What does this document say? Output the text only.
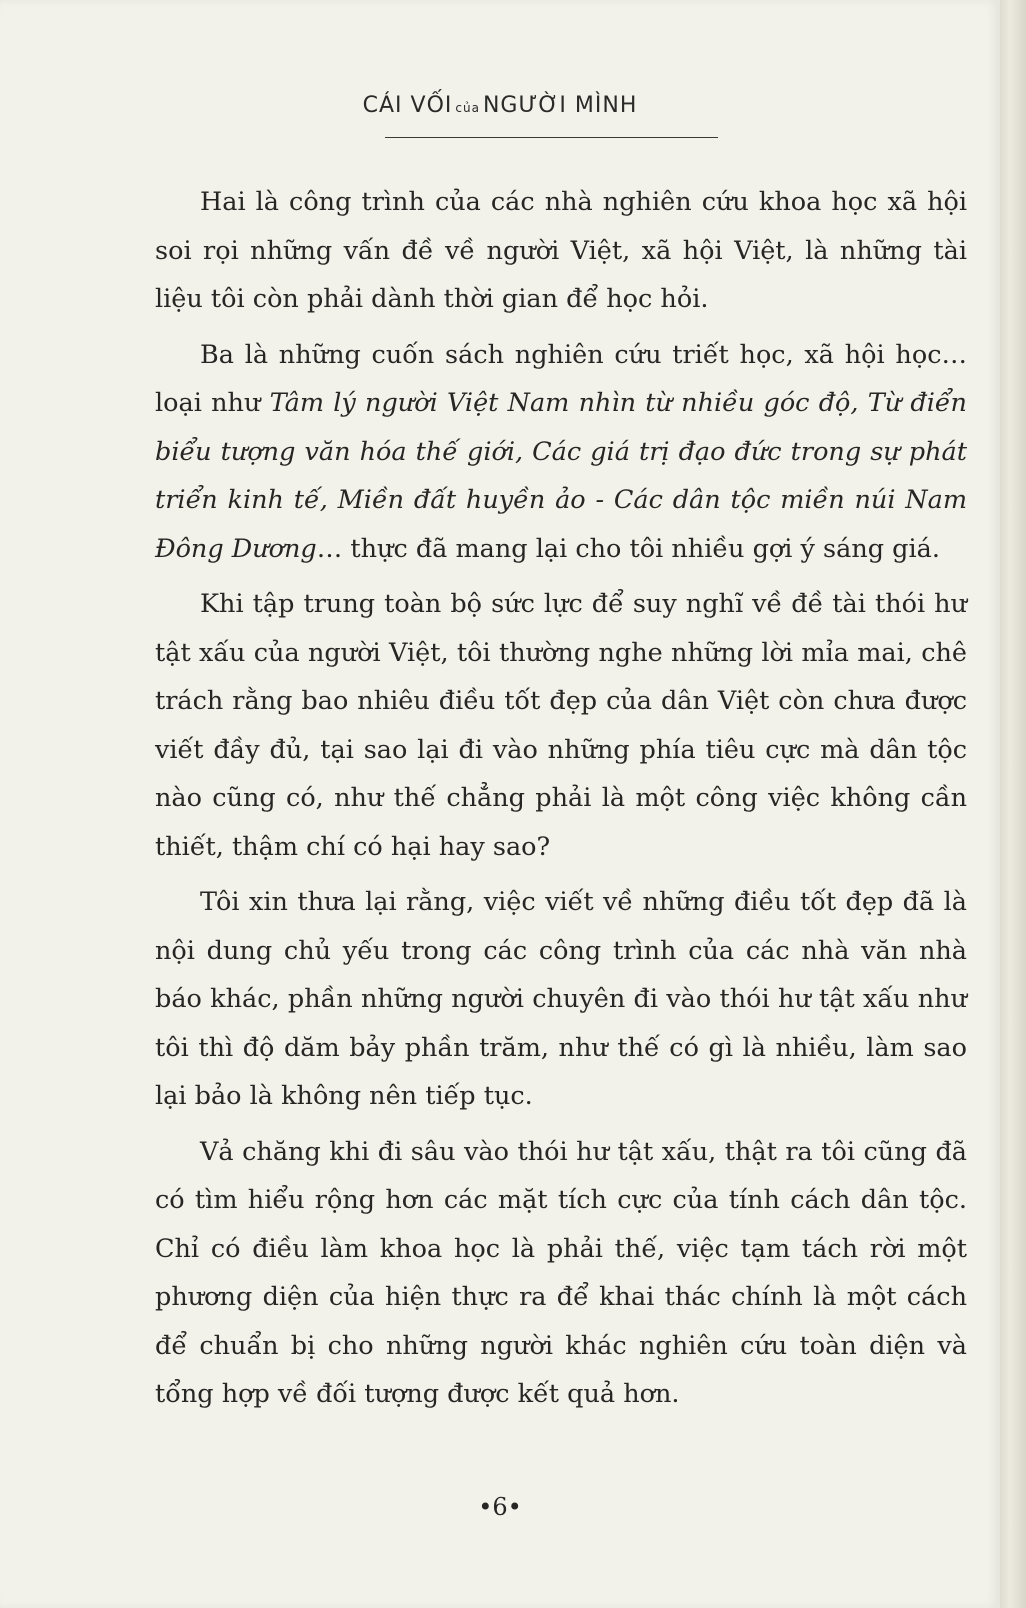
CÁI VỐI của NGƯỜI MÌNH

Hai là công trình của các nhà nghiên cứu khoa học xã hội soi rọi những vấn đề về người Việt, xã hội Việt, là những tài liệu tôi còn phải dành thời gian để học hỏi.

Ba là những cuốn sách nghiên cứu triết học, xã hội học… loại như Tâm lý người Việt Nam nhìn từ nhiều góc độ, Từ điển biểu tượng văn hóa thế giới, Các giá trị đạo đức trong sự phát triển kinh tế, Miền đất huyền ảo - Các dân tộc miền núi Nam Đông Dương… thực đã mang lại cho tôi nhiều gợi ý sáng giá.

Khi tập trung toàn bộ sức lực để suy nghĩ về đề tài thói hư tật xấu của người Việt, tôi thường nghe những lời mỉa mai, chê trách rằng bao nhiêu điều tốt đẹp của dân Việt còn chưa được viết đầy đủ, tại sao lại đi vào những phía tiêu cực mà dân tộc nào cũng có, như thế chẳng phải là một công việc không cần thiết, thậm chí có hại hay sao?

Tôi xin thưa lại rằng, việc viết về những điều tốt đẹp đã là nội dung chủ yếu trong các công trình của các nhà văn nhà báo khác, phần những người chuyên đi vào thói hư tật xấu như tôi thì độ dăm bảy phần trăm, như thế có gì là nhiều, làm sao lại bảo là không nên tiếp tục.

Vả chăng khi đi sâu vào thói hư tật xấu, thật ra tôi cũng đã có tìm hiểu rộng hơn các mặt tích cực của tính cách dân tộc. Chỉ có điều làm khoa học là phải thế, việc tạm tách rời một phương diện của hiện thực ra để khai thác chính là một cách để chuẩn bị cho những người khác nghiên cứu toàn diện và tổng hợp về đối tượng được kết quả hơn.

•6•
